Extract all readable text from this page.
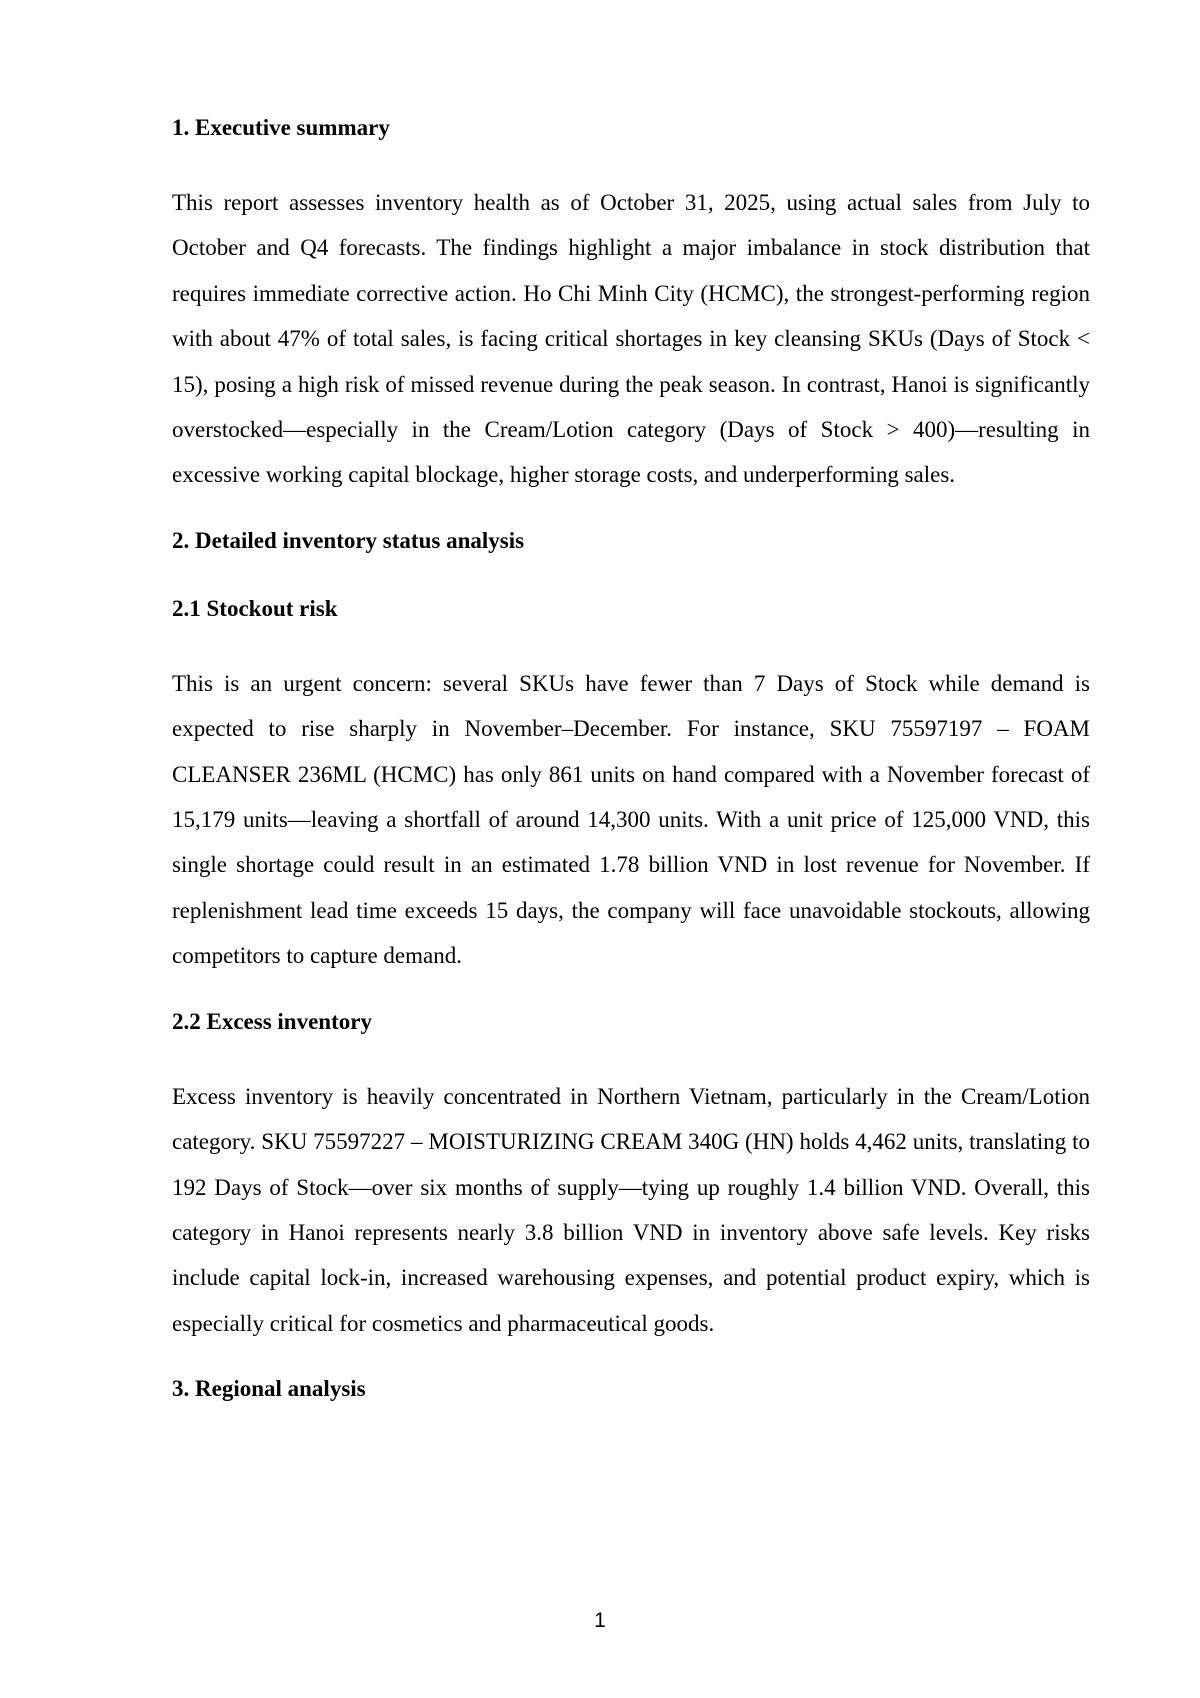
1. Executive summary

This report assesses inventory health as of October 31, 2025, using actual sales from July to October and Q4 forecasts. The findings highlight a major imbalance in stock distribution that requires immediate corrective action. Ho Chi Minh City (HCMC), the strongest-performing region with about 47% of total sales, is facing critical shortages in key cleansing SKUs (Days of Stock < 15), posing a high risk of missed revenue during the peak season. In contrast, Hanoi is significantly overstocked—especially in the Cream/Lotion category (Days of Stock > 400)—resulting in excessive working capital blockage, higher storage costs, and underperforming sales.

2. Detailed inventory status analysis
2.1 Stockout risk

This is an urgent concern: several SKUs have fewer than 7 Days of Stock while demand is expected to rise sharply in November–December. For instance, SKU 75597197 – FOAM CLEANSER 236ML (HCMC) has only 861 units on hand compared with a November forecast of 15,179 units—leaving a shortfall of around 14,300 units. With a unit price of 125,000 VND, this single shortage could result in an estimated 1.78 billion VND in lost revenue for November. If replenishment lead time exceeds 15 days, the company will face unavoidable stockouts, allowing competitors to capture demand.

2.2 Excess inventory

Excess inventory is heavily concentrated in Northern Vietnam, particularly in the Cream/Lotion category. SKU 75597227 – MOISTURIZING CREAM 340G (HN) holds 4,462 units, translating to 192 Days of Stock—over six months of supply—tying up roughly 1.4 billion VND. Overall, this category in Hanoi represents nearly 3.8 billion VND in inventory above safe levels. Key risks include capital lock-in, increased warehousing expenses, and potential product expiry, which is especially critical for cosmetics and pharmaceutical goods.

3. Regional analysis
1
